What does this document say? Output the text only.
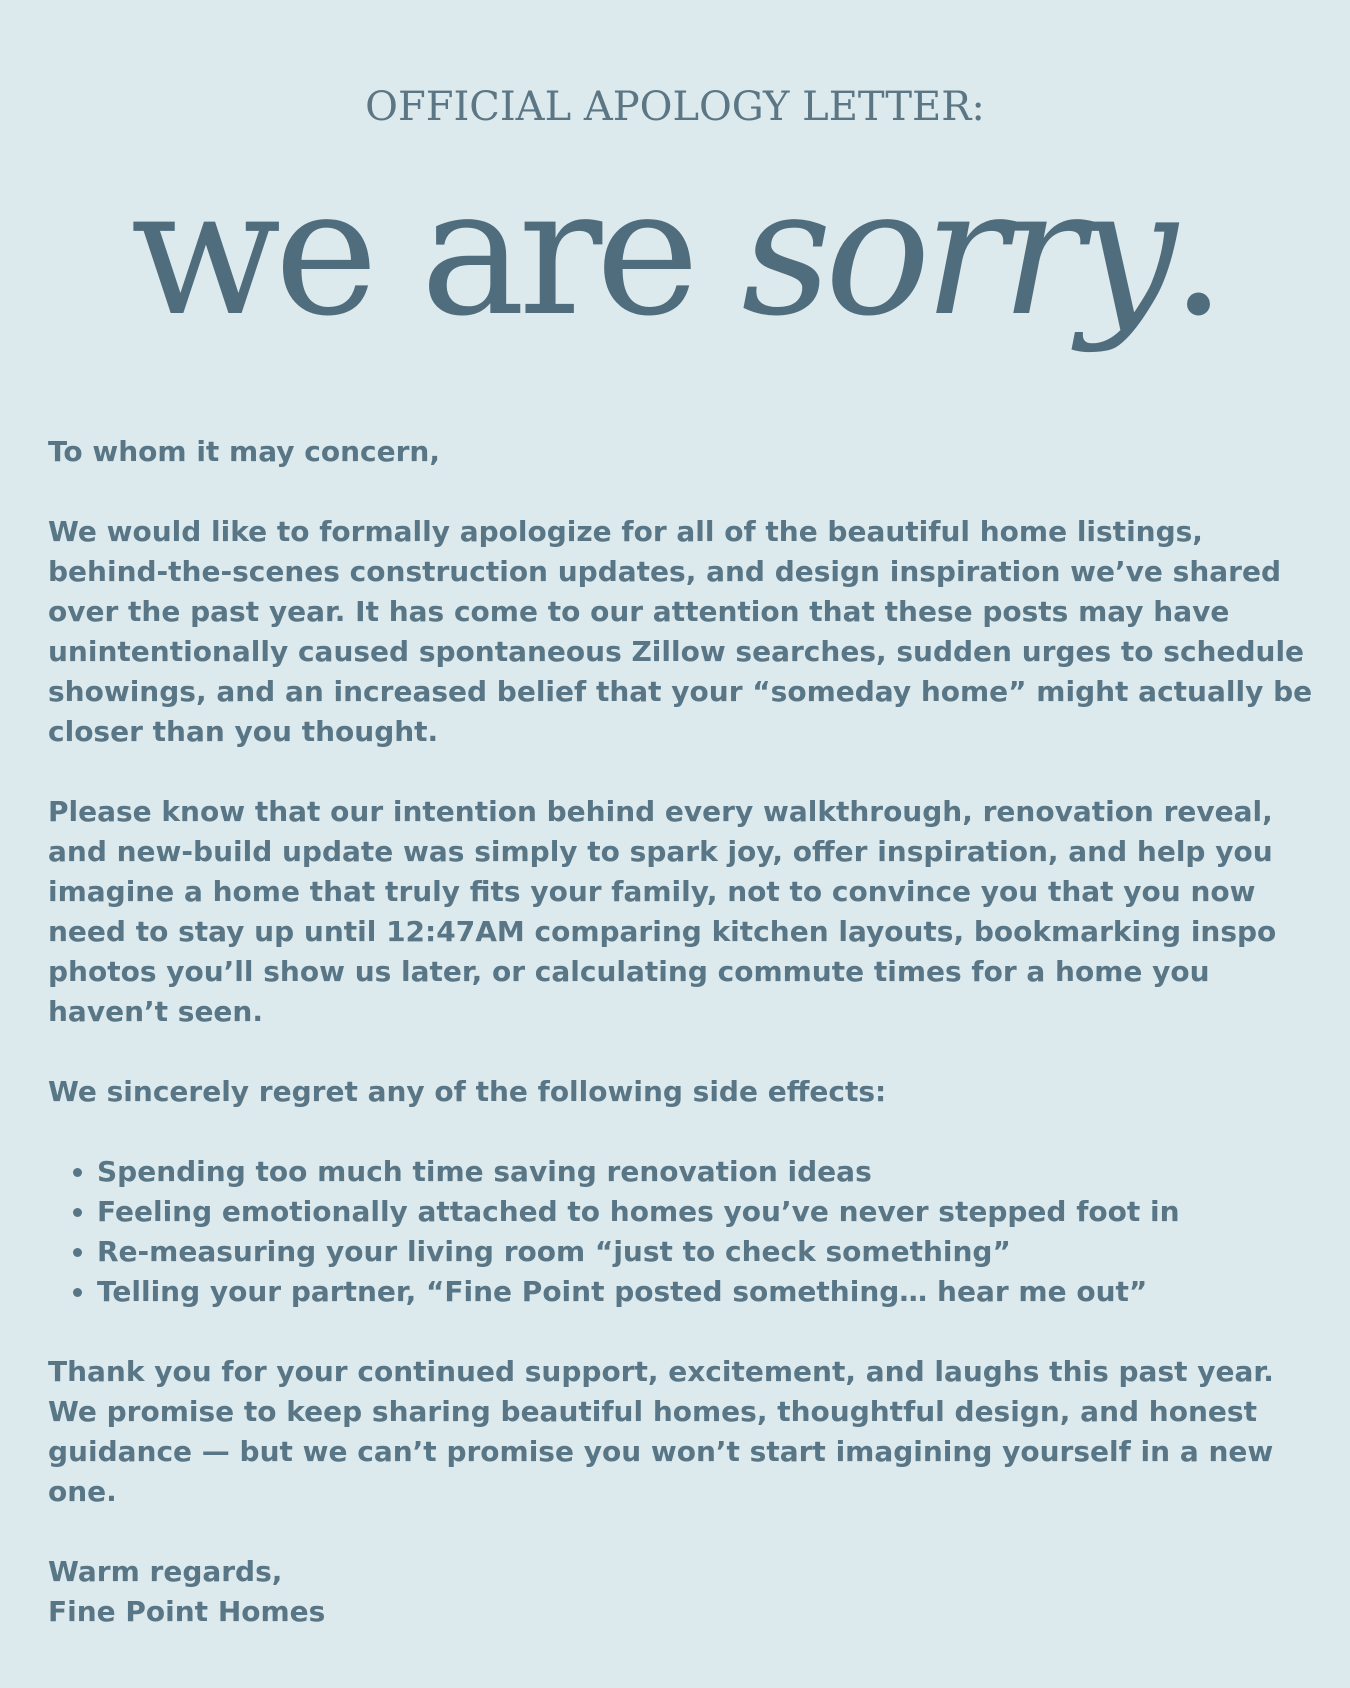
OFFICIAL APOLOGY LETTER:
we are sorry.

To whom it may concern,

We would like to formally apologize for all of the beautiful home listings, behind-the-scenes construction updates, and design inspiration we’ve shared over the past year. It has come to our attention that these posts may have unintentionally caused spontaneous Zillow searches, sudden urges to schedule showings, and an increased belief that your “someday home” might actually be closer than you thought.

Please know that our intention behind every walkthrough, renovation reveal, and new-build update was simply to spark joy, offer inspiration, and help you imagine a home that truly fits your family, not to convince you that you now need to stay up until 12:47AM comparing kitchen layouts, bookmarking inspo photos you’ll show us later, or calculating commute times for a home you haven’t seen.

We sincerely regret any of the following side effects:

• Spending too much time saving renovation ideas
• Feeling emotionally attached to homes you’ve never stepped foot in
• Re-measuring your living room “just to check something”
• Telling your partner, “Fine Point posted something… hear me out”

Thank you for your continued support, excitement, and laughs this past year.
We promise to keep sharing beautiful homes, thoughtful design, and honest guidance — but we can’t promise you won’t start imagining yourself in a new one.

Warm regards,
Fine Point Homes
